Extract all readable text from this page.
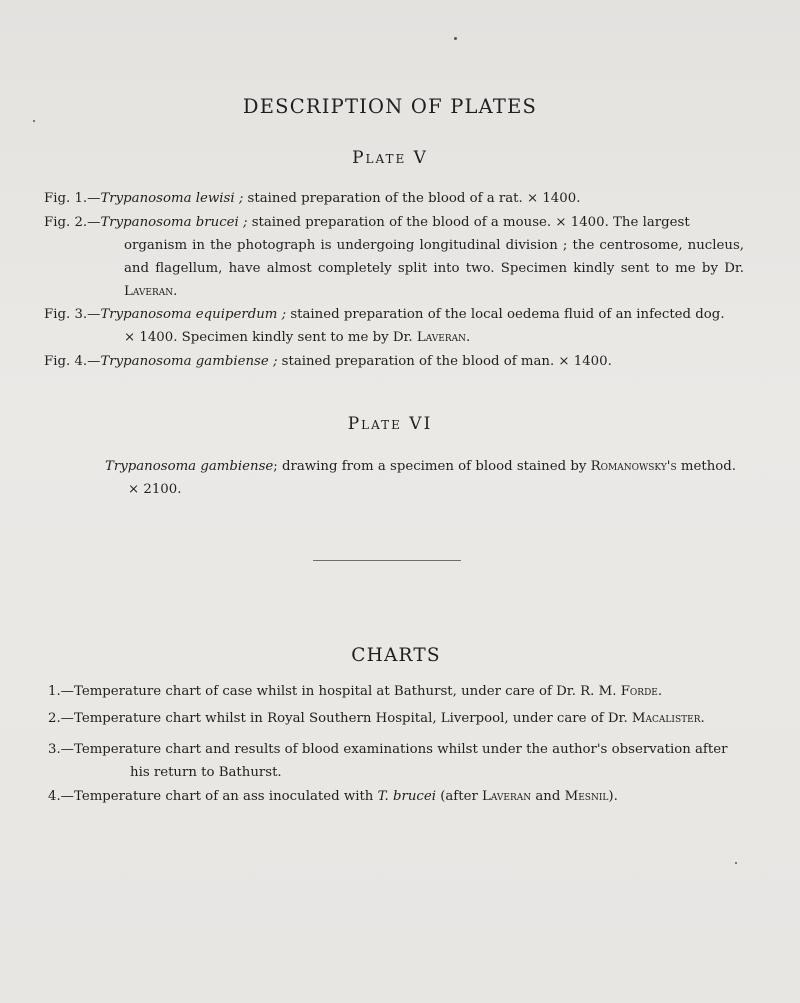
DESCRIPTION OF PLATES
Plate V
Fig. 1.—Trypanosoma lewisi ; stained preparation of the blood of a rat. × 1400.
Fig. 2.—Trypanosoma brucei ; stained preparation of the blood of a mouse. × 1400. The largest
organism in the photograph is undergoing longitudinal division ; the centrosome, nucleus, and flagellum, have almost completely split into two. Specimen kindly sent to me by Dr. Laveran.
Fig. 3.—Trypanosoma equiperdum ; stained preparation of the local oedema fluid of an infected dog.
× 1400. Specimen kindly sent to me by Dr. Laveran.
Fig. 4.—Trypanosoma gambiense ; stained preparation of the blood of man. × 1400.
Plate VI
Trypanosoma gambiense; drawing from a specimen of blood stained by Romanowsky's method.
× 2100.
CHARTS
1.—Temperature chart of case whilst in hospital at Bathurst, under care of Dr. R. M. Forde.
2.—Temperature chart whilst in Royal Southern Hospital, Liverpool, under care of Dr. Macalister.
3.—Temperature chart and results of blood examinations whilst under the author's observation after
his return to Bathurst.
4.—Temperature chart of an ass inoculated with T. brucei (after Laveran and Mesnil).
